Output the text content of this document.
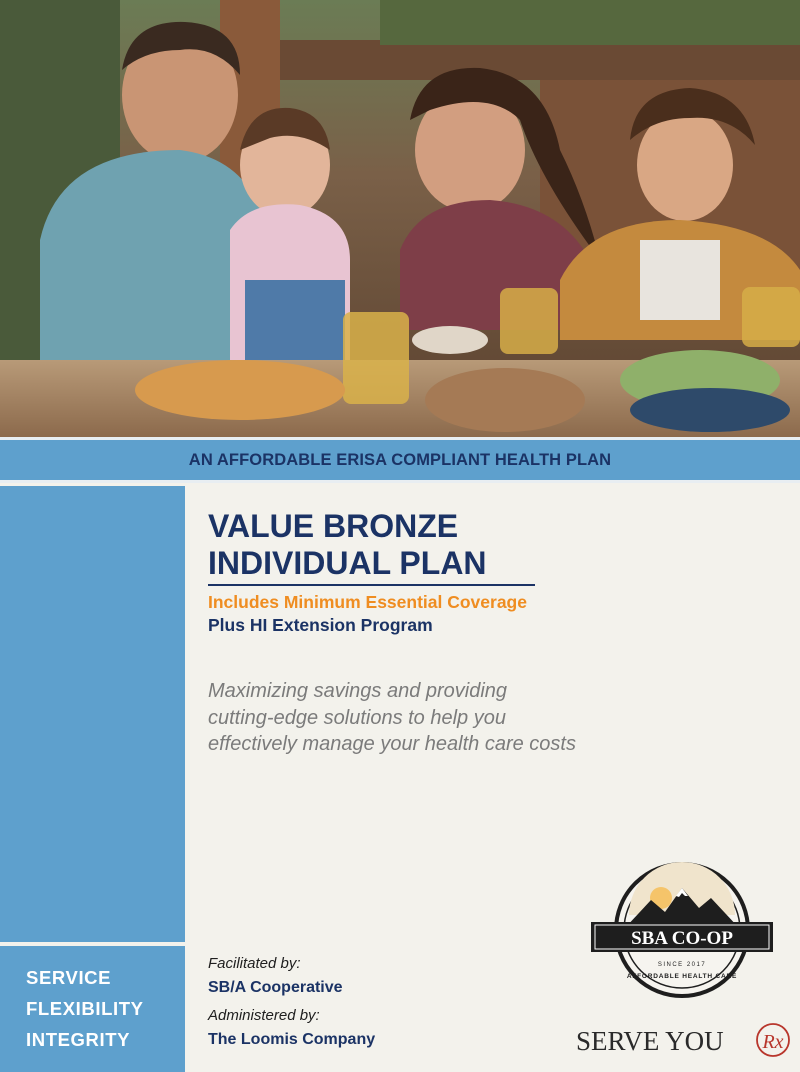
AN AFFORDABLE ERISA COMPLIANT HEALTH PLAN
SERVICE
FLEXIBILITY
INTEGRITY
VALUE BRONZE
INDIVIDUAL PLAN
Includes Minimum Essential Coverage
Plus HI Extension Program
Maximizing savings and providing
cutting-edge solutions to help you
effectively manage your health care costs
Facilitated by:
SB/A Cooperative
Administered by:
The Loomis Company
SBA CO-OP
SINCE 2017
AFFORDABLE HEALTH CARE
SERVE YOU Rx
